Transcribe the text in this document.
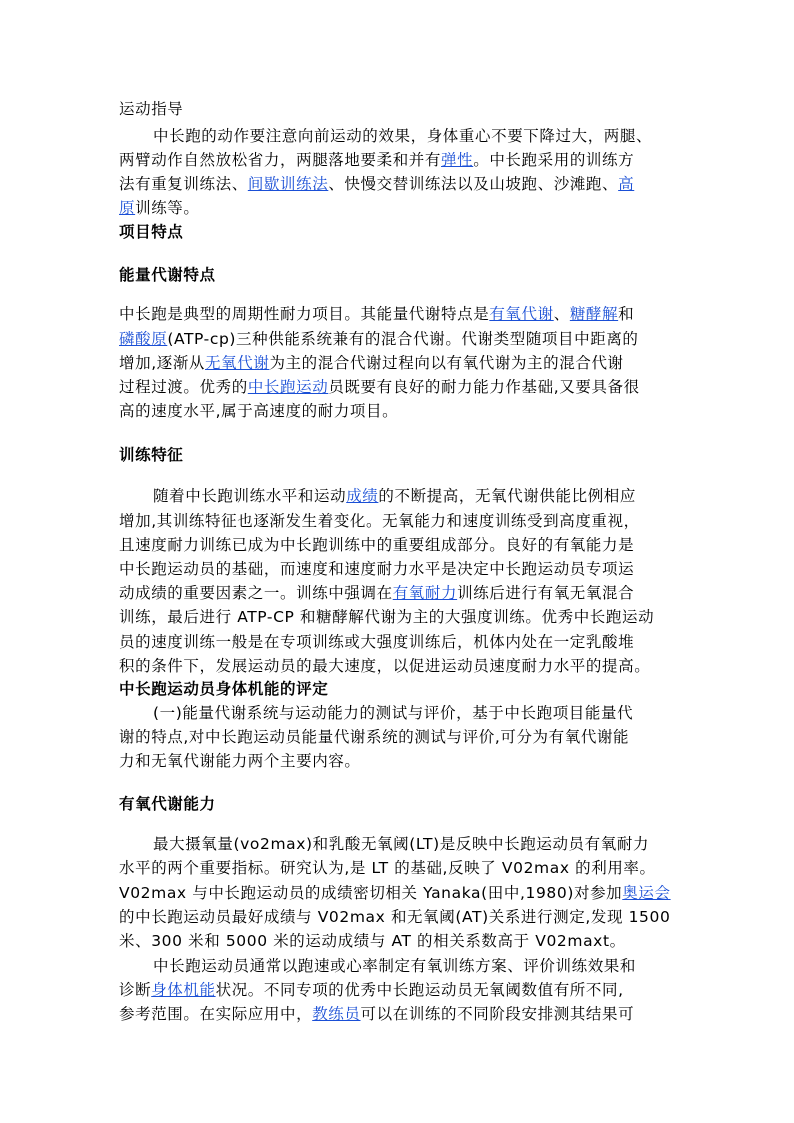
运动指导
中长跑的动作要注意向前运动的效果，身体重心不要下降过大，两腿、
两臂动作自然放松省力，两腿落地要柔和并有弹性。中长跑采用的训练方
法有重复训练法、间歇训练法、快慢交替训练法以及山坡跑、沙滩跑、高
原训练等。
项目特点
能量代谢特点
中长跑是典型的周期性耐力项目。其能量代谢特点是有氧代谢、糖酵解和
磷酸原(ATP-cp)三种供能系统兼有的混合代谢。代谢类型随项目中距离的
增加,逐渐从无氧代谢为主的混合代谢过程向以有氧代谢为主的混合代谢
过程过渡。优秀的中长跑运动员既要有良好的耐力能力作基础,又要具备很
高的速度水平,属于高速度的耐力项目。
训练特征
随着中长跑训练水平和运动成绩的不断提高，无氧代谢供能比例相应
增加,其训练特征也逐渐发生着变化。无氧能力和速度训练受到高度重视，
且速度耐力训练已成为中长跑训练中的重要组成部分。良好的有氧能力是
中长跑运动员的基础，而速度和速度耐力水平是决定中长跑运动员专项运
动成绩的重要因素之一。训练中强调在有氧耐力训练后进行有氧无氧混合
训练，最后进行 ATP-CP 和糖酵解代谢为主的大强度训练。优秀中长跑运动
员的速度训练一般是在专项训练或大强度训练后，机体内处在一定乳酸堆
积的条件下，发展运动员的最大速度，以促进运动员速度耐力水平的提高。
中长跑运动员身体机能的评定
(一)能量代谢系统与运动能力的测试与评价，基于中长跑项目能量代
谢的特点,对中长跑运动员能量代谢系统的测试与评价,可分为有氧代谢能
力和无氧代谢能力两个主要内容。
有氧代谢能力
最大摄氧量(vo2max)和乳酸无氧阈(LT)是反映中长跑运动员有氧耐力
水平的两个重要指标。研究认为,是 LT 的基础,反映了 V02max 的利用率。
V02max 与中长跑运动员的成绩密切相关 Yanaka(田中,1980)对参加奥运会
的中长跑运动员最好成绩与 V02max 和无氧阈(AT)关系进行测定,发现 1500
米、300 米和 5000 米的运动成绩与 AT 的相关系数高于 V02maxt。
中长跑运动员通常以跑速或心率制定有氧训练方案、评价训练效果和
诊断身体机能状况。不同专项的优秀中长跑运动员无氧阈数值有所不同,
参考范围。在实际应用中，教练员可以在训练的不同阶段安排测其结果可
